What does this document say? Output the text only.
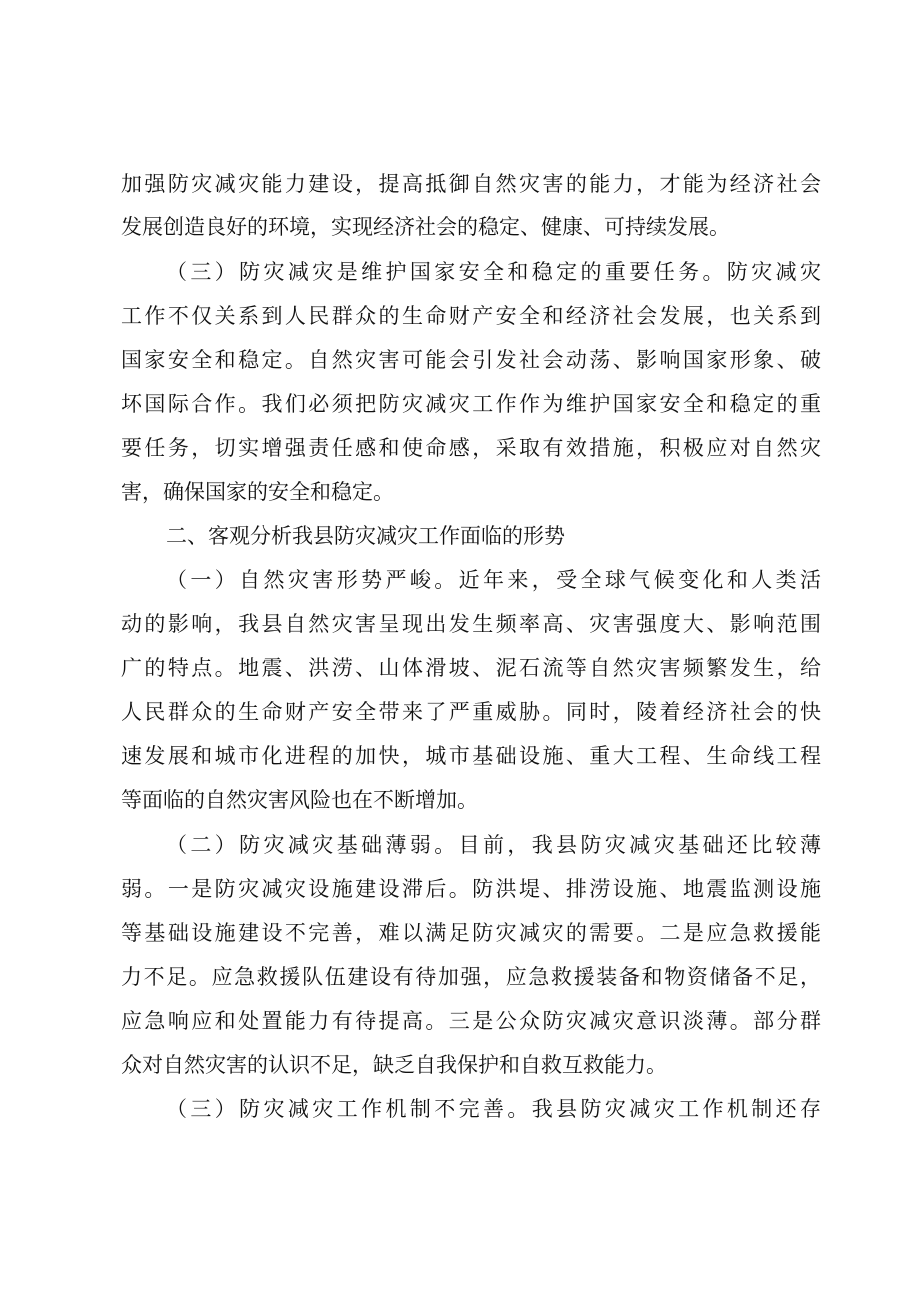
加强防灾减灾能力建设，提高抵御自然灾害的能力，才能为经济社会
发展创造良好的环境，实现经济社会的稳定、健康、可持续发展。
（三）防灾减灾是维护国家安全和稳定的重要任务。防灾减灾
工作不仅关系到人民群众的生命财产安全和经济社会发展，也关系到
国家安全和稳定。自然灾害可能会引发社会动荡、影响国家形象、破
坏国际合作。我们必须把防灾减灾工作作为维护国家安全和稳定的重
要任务，切实增强责任感和使命感，采取有效措施，积极应对自然灾
害，确保国家的安全和稳定。
二、客观分析我县防灾减灾工作面临的形势
（一）自然灾害形势严峻。近年来，受全球气候变化和人类活
动的影响，我县自然灾害呈现出发生频率高、灾害强度大、影响范围
广的特点。地震、洪涝、山体滑坡、泥石流等自然灾害频繁发生，给
人民群众的生命财产安全带来了严重威胁。同时，陵着经济社会的快
速发展和城市化进程的加快，城市基础设施、重大工程、生命线工程
等面临的自然灾害风险也在不断增加。
（二）防灾减灾基础薄弱。目前，我县防灾减灾基础还比较薄
弱。一是防灾减灾设施建设滞后。防洪堤、排涝设施、地震监测设施
等基础设施建设不完善，难以满足防灾减灾的需要。二是应急救援能
力不足。应急救援队伍建设有待加强，应急救援装备和物资储备不足，
应急响应和处置能力有待提高。三是公众防灾减灾意识淡薄。部分群
众对自然灾害的认识不足，缺乏自我保护和自救互救能力。
（三）防灾减灾工作机制不完善。我县防灾减灾工作机制还存
